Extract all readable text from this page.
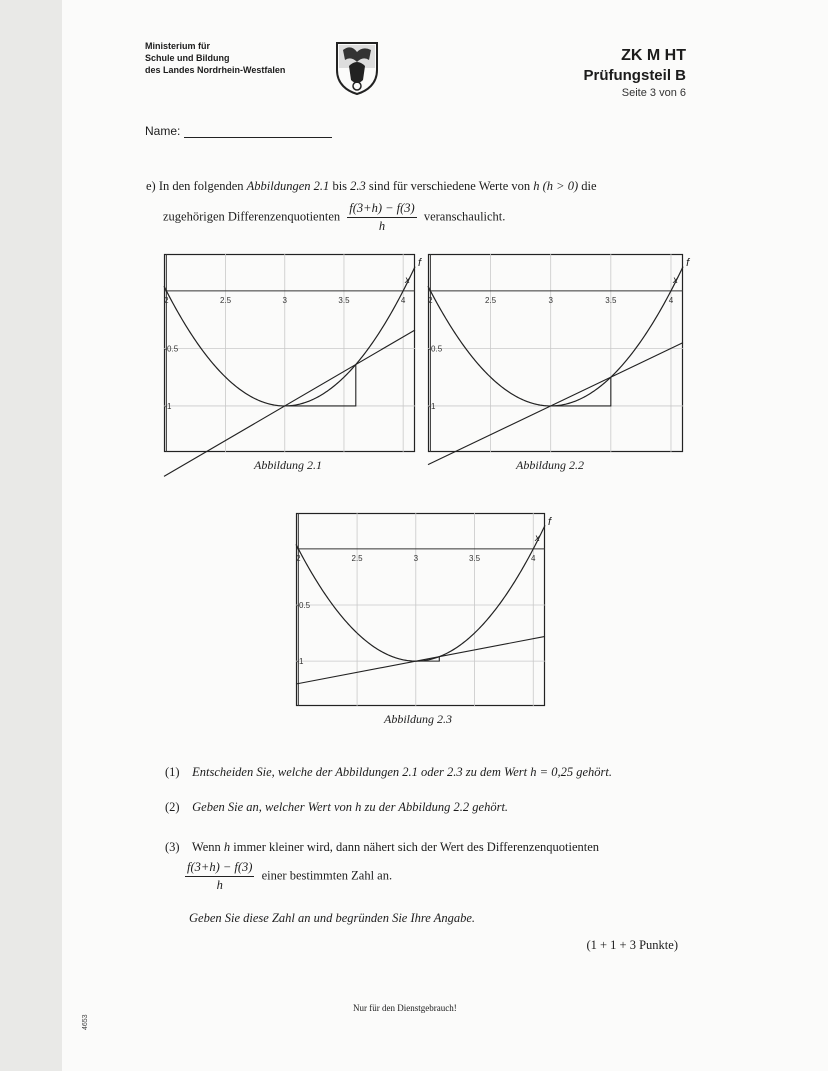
Ministerium für
Schule und Bildung
des Landes Nordrhein-Westfalen
ZK M HT
Prüfungsteil B
Seite 3 von 6
Name:
e) In den folgenden Abbildungen 2.1 bis 2.3 sind für verschiedene Werte von h (h > 0) die
zugehörigen Differenzenquotienten $\frac{f(3+h) - f(3)}{h}$ veranschaulicht.
2	2.5	3	3.5	4
-0.5
-1
x
f
2	2.5	3	3.5	4
-0.5
-1
x
f
2	2.5	3	3.5	4
-0.5
-1
x
f
Abbildung 2.1	Abbildung 2.2
Abbildung 2.3
(1) Entscheiden Sie, welche der Abbildungen 2.1 oder 2.3 zu dem Wert h = 0,25 gehört.
(2) Geben Sie an, welcher Wert von h zu der Abbildung 2.2 gehört.
(3) Wenn h immer kleiner wird, dann nähert sich der Wert des Differenzenquotienten
$\frac{f(3+h) - f(3)}{h}$ einer bestimmten Zahl an.
Geben Sie diese Zahl an und begründen Sie Ihre Angabe.
(1 + 1 + 3 Punkte)
Nur für den Dienstgebrauch!
4653
